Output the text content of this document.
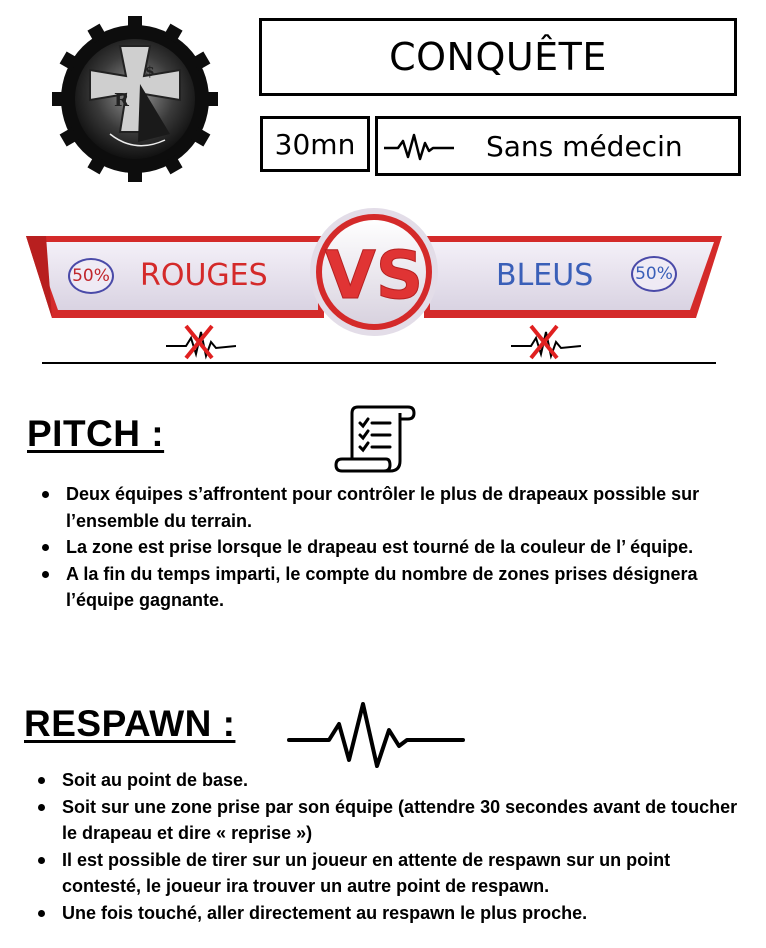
R
$	CONQUÊTE
30mn	Sans médecin
VS
50% ROUGES	BLEUS 50%
PITCH :
Deux équipes s’affrontent pour contrôler le plus de drapeaux possible sur l’ensemble du terrain.
La zone est prise lorsque le drapeau est tourné de la couleur de l’ équipe.
A la fin du temps imparti, le compte du nombre de zones prises désignera l’équipe gagnante.
RESPAWN :
Soit au point de base.
Soit sur une zone prise par son équipe (attendre 30 secondes avant de toucher le drapeau et dire « reprise »)
Il est possible de tirer sur un joueur en attente de respawn sur un point contesté, le joueur ira trouver un autre point de respawn.
Une fois touché, aller directement au respawn le plus proche.
